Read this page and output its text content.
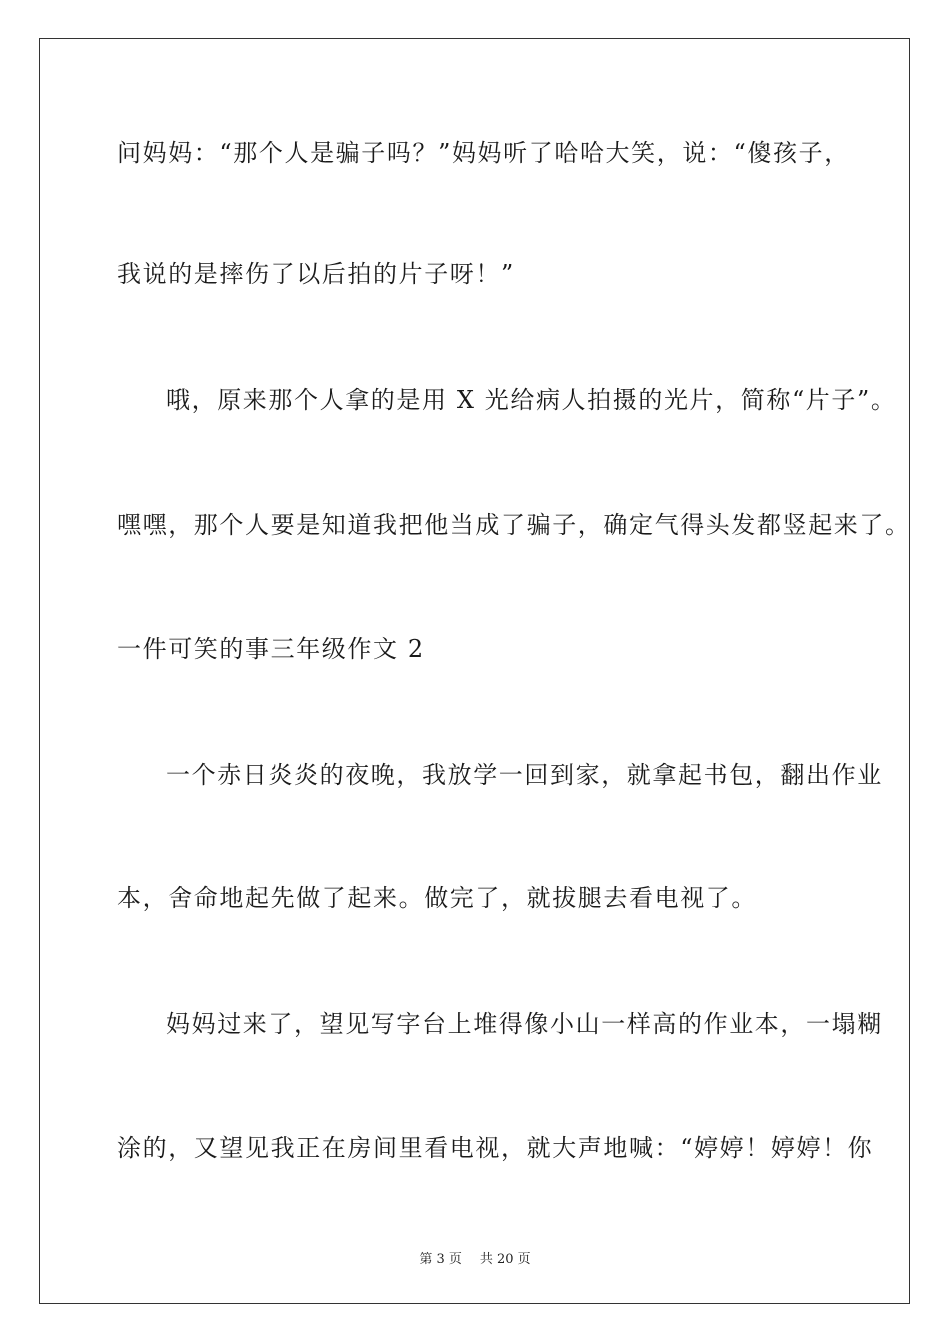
问妈妈：“那个人是骗子吗？”妈妈听了哈哈大笑，说：“傻孩子，
我说的是摔伤了以后拍的片子呀！”
哦，原来那个人拿的是用 X 光给病人拍摄的光片，简称“片子”。
嘿嘿，那个人要是知道我把他当成了骗子，确定气得头发都竖起来了。
一件可笑的事三年级作文 2
一个赤日炎炎的夜晚，我放学一回到家，就拿起书包，翻出作业
本，舍命地起先做了起来。做完了，就拔腿去看电视了。
妈妈过来了，望见写字台上堆得像小山一样高的作业本，一塌糊
涂的，又望见我正在房间里看电视，就大声地喊：“婷婷！婷婷！你
第 3 页 共 20 页
